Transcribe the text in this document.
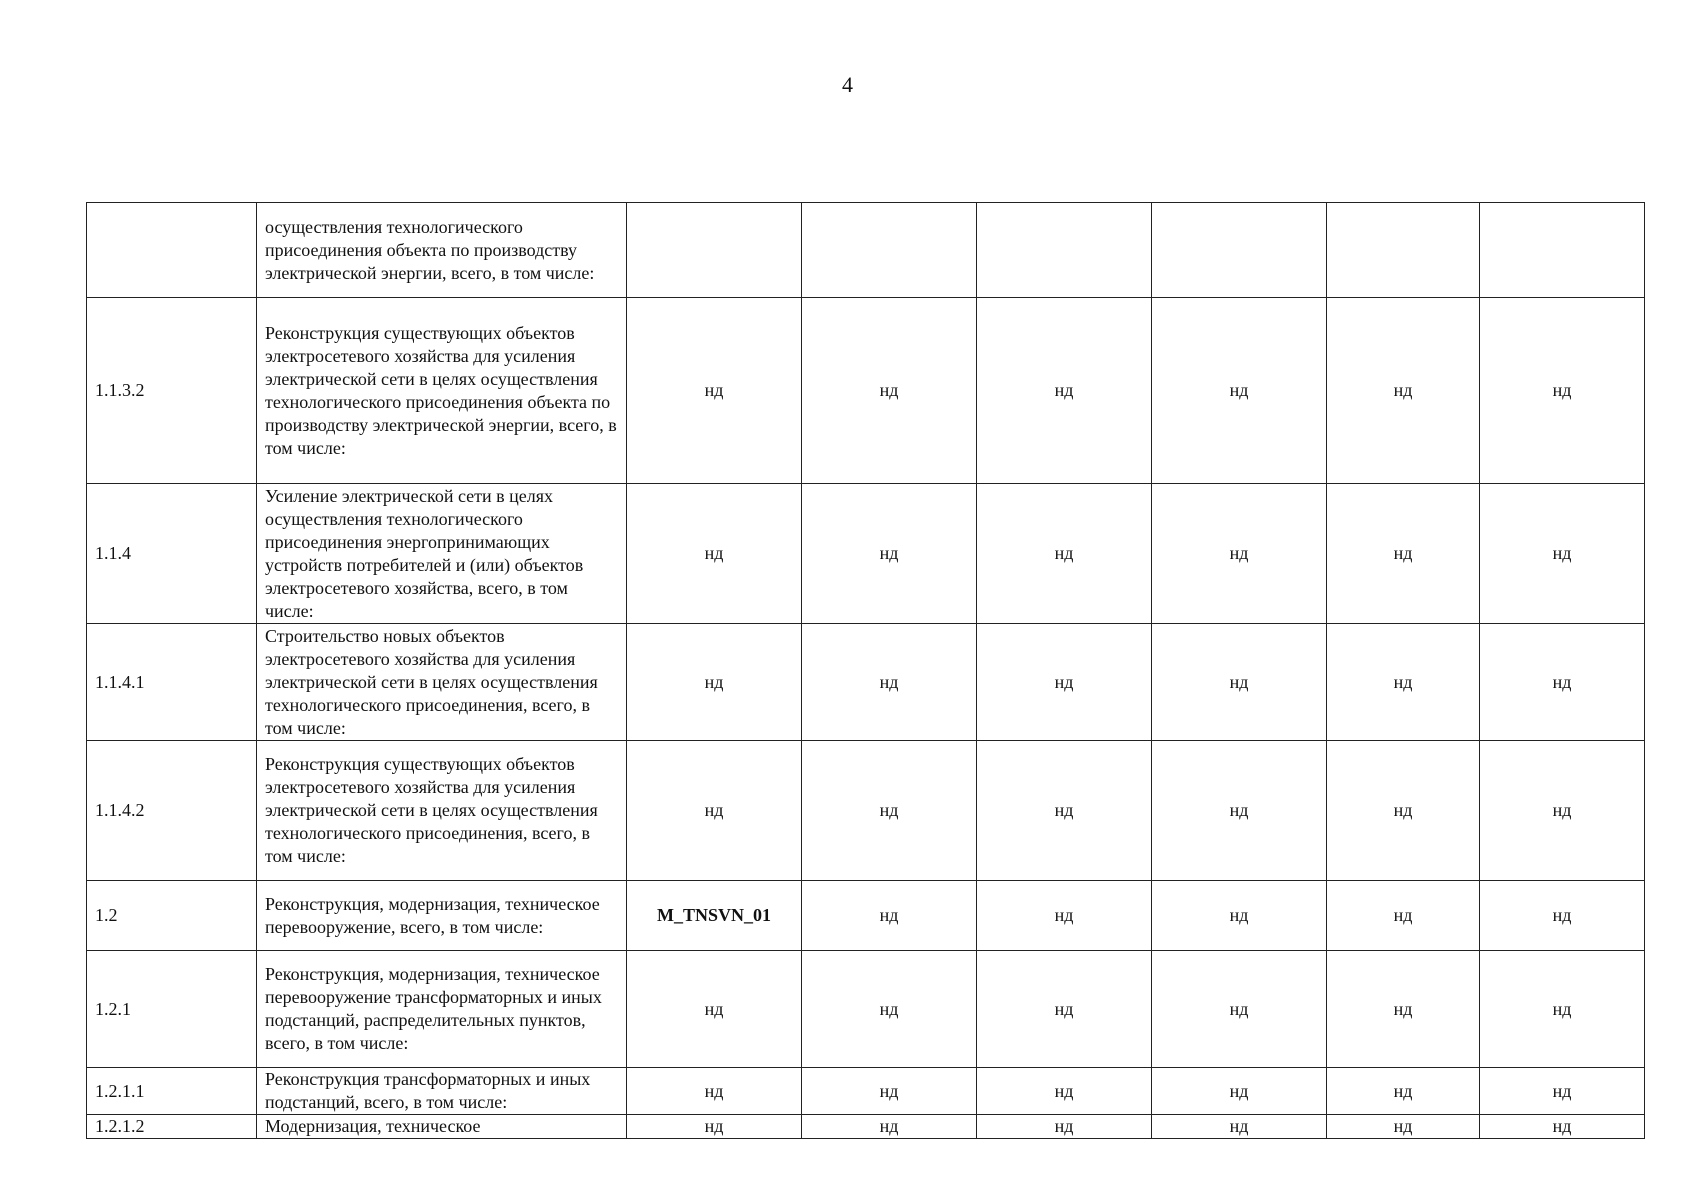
4
	осуществления технологического присоединения объекта по производству электрической энергии, всего, в том числе:						
1.1.3.2	Реконструкция существующих объектов электросетевого хозяйства для усиления электрической сети в целях осуществления технологического присоединения объекта по производству электрической энергии, всего, в том числе:	нд	нд	нд	нд	нд	нд
1.1.4	Усиление электрической сети в целях осуществления технологического присоединения энергопринимающих устройств потребителей и (или) объектов электросетевого хозяйства, всего, в том числе:	нд	нд	нд	нд	нд	нд
1.1.4.1	Строительство новых объектов электросетевого хозяйства для усиления электрической сети в целях осуществления технологического присоединения, всего, в том числе:	нд	нд	нд	нд	нд	нд
1.1.4.2	Реконструкция существующих объектов электросетевого хозяйства для усиления электрической сети в целях осуществления технологического присоединения, всего, в том числе:	нд	нд	нд	нд	нд	нд
1.2	Реконструкция, модернизация, техническое перевооружение, всего, в том числе:	M_TNSVN_01	нд	нд	нд	нд	нд
1.2.1	Реконструкция, модернизация, техническое перевооружение трансформаторных и иных подстанций, распределительных пунктов, всего, в том числе:	нд	нд	нд	нд	нд	нд
1.2.1.1	Реконструкция трансформаторных и иных подстанций, всего, в том числе:	нд	нд	нд	нд	нд	нд
1.2.1.2	Модернизация, техническое	нд	нд	нд	нд	нд	нд
